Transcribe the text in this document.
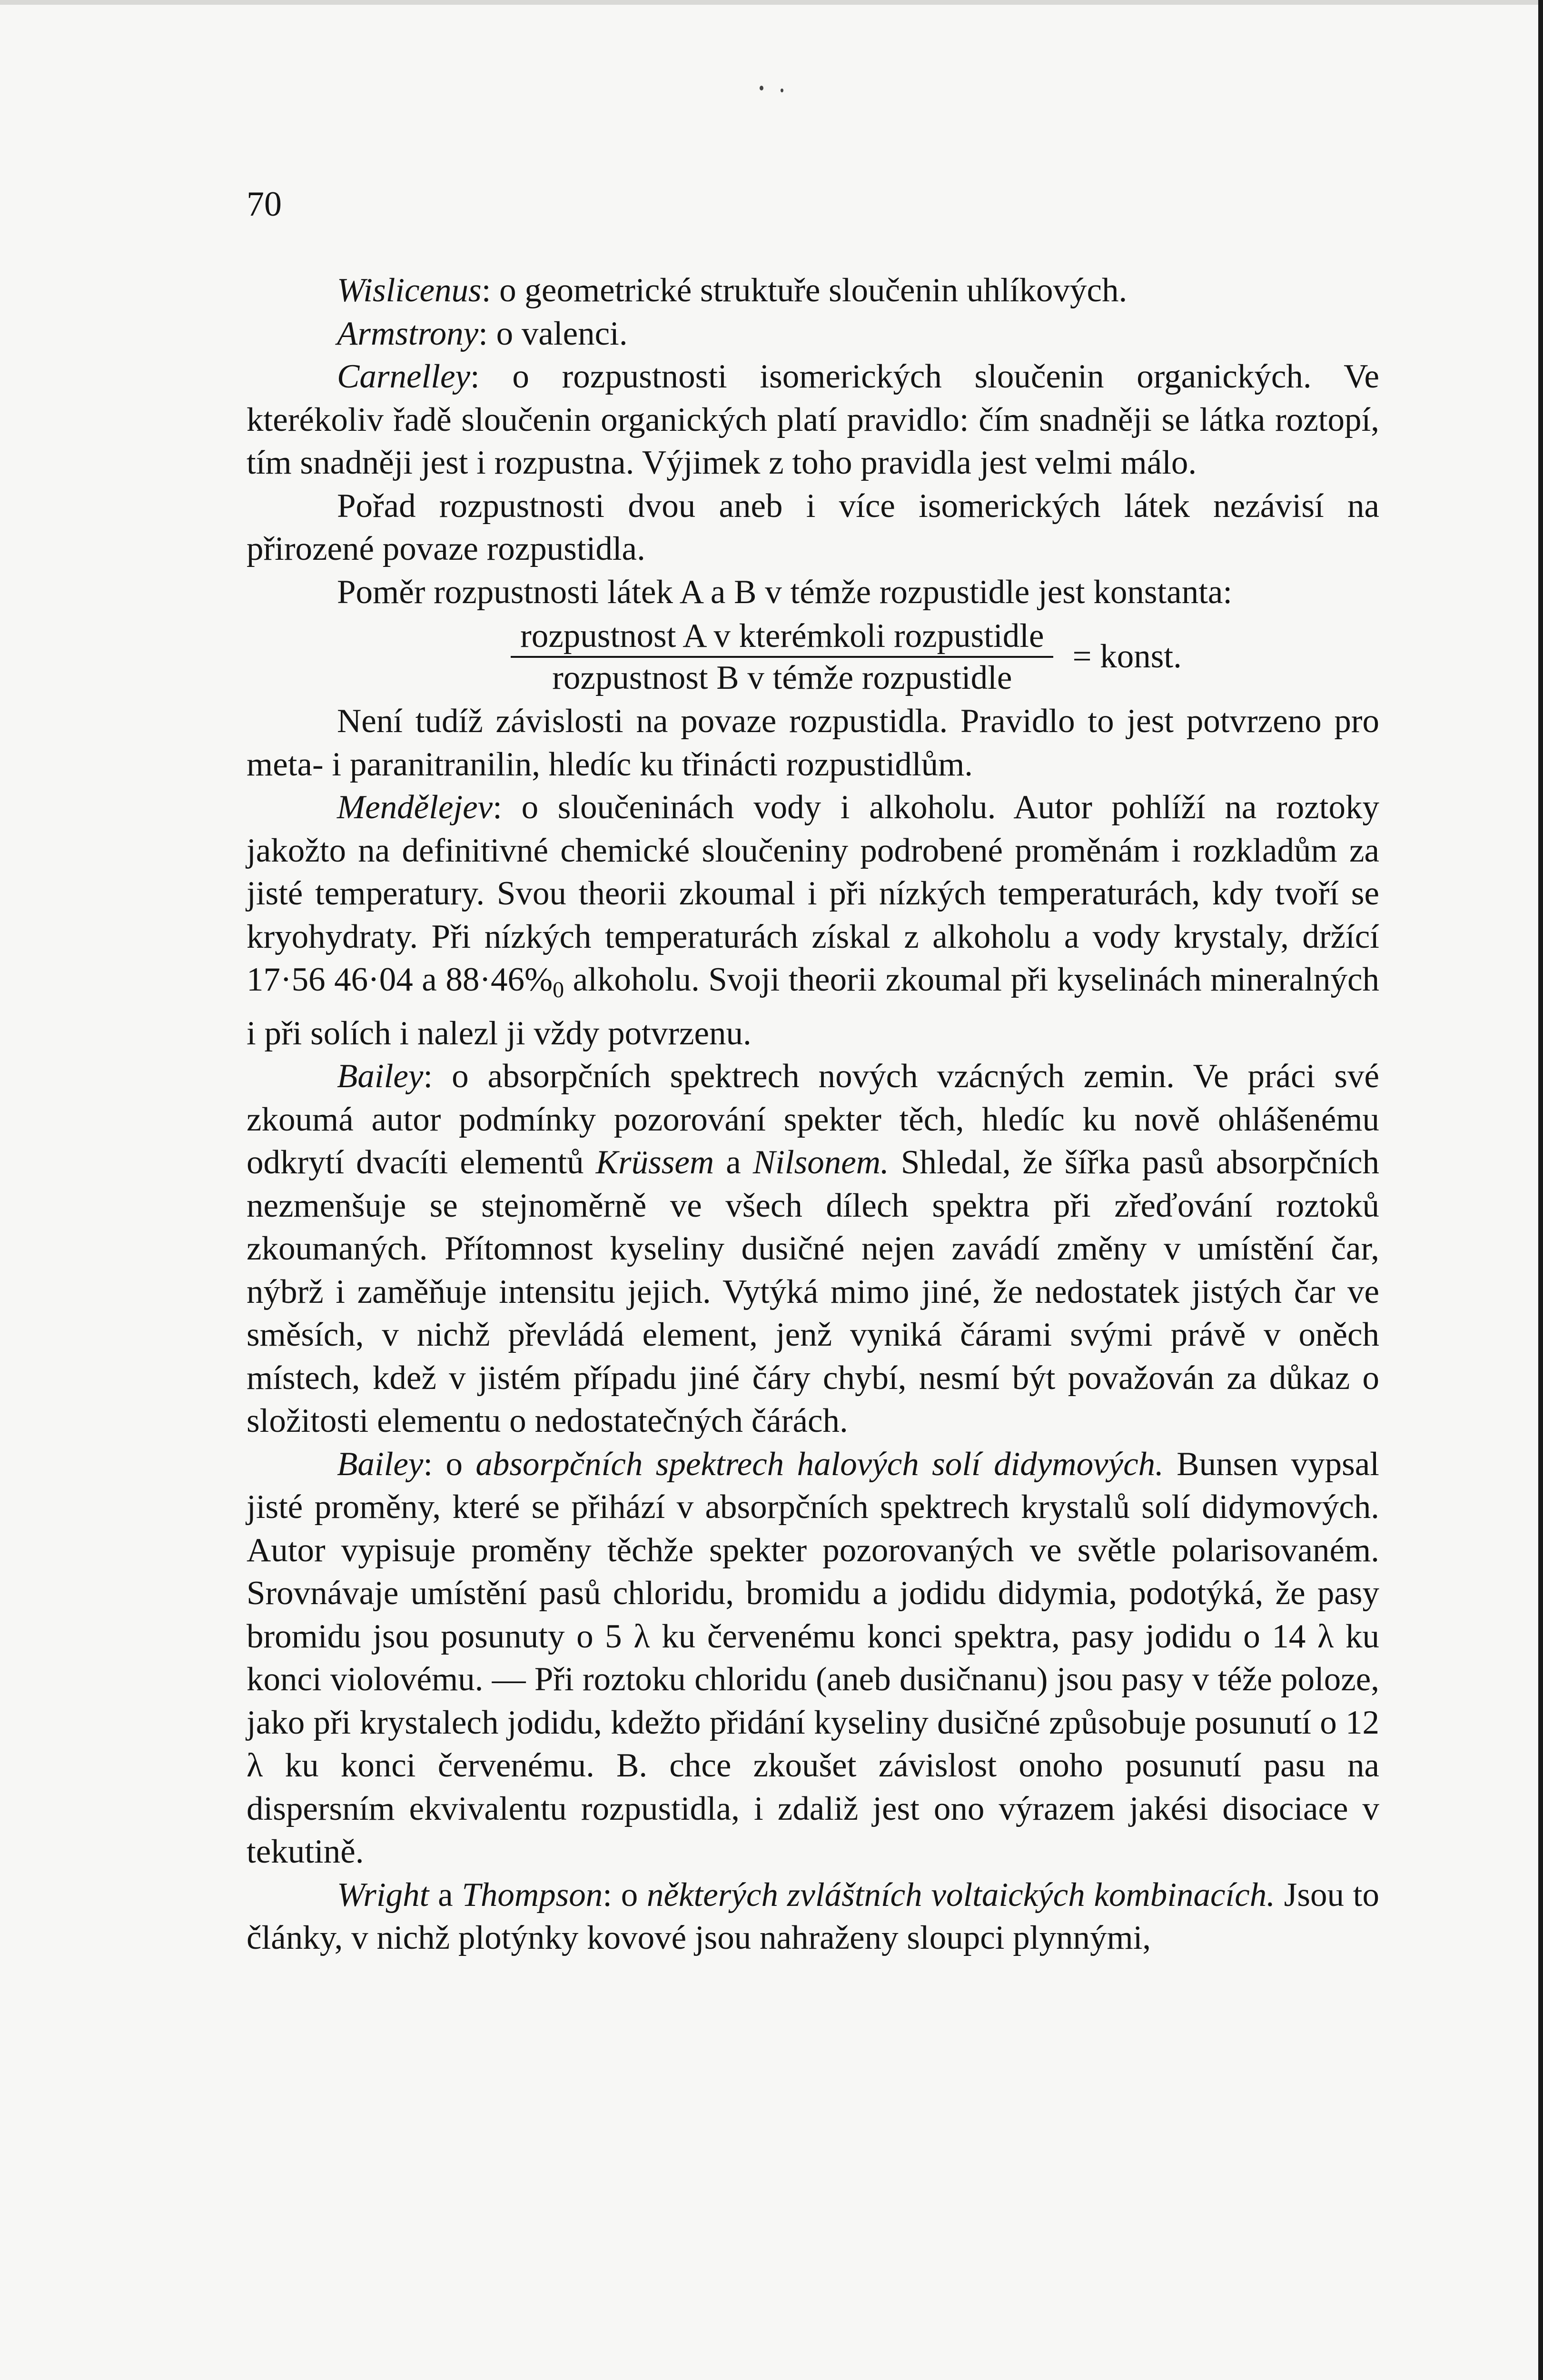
70

Wislicenus: o geometrické struktuře sloučenin uhlíkových.

Armstrony: o valenci.

Carnelley: o rozpustnosti isomerických sloučenin organických. Ve kterékoliv řadě sloučenin organických platí pravidlo: čím snadněji se látka roztopí, tím snadněji jest i rozpustna. Výjimek z toho pravidla jest velmi málo.

Pořad rozpustnosti dvou aneb i více isomerických látek nezávisí na přirozené povaze rozpustidla.

Poměr rozpustnosti látek A a B v témže rozpustidle jest konstanta:

$\frac{\text{rozpustnost A v kterémkoli rozpustidle}}{\text{rozpustnost B v témže rozpustidle}}$ = konst.

Není tudíž závislosti na povaze rozpustidla. Pravidlo to jest potvrzeno pro meta- i paranitranilin, hledíc ku třinácti rozpustidlům.

Mendělejev: o sloučeninách vody i alkoholu. Autor pohlíží na roztoky jakožto na definitivné chemické sloučeniny podrobené proměnám i rozkladům za jisté temperatury. Svou theorii zkoumal i při nízkých temperaturách, kdy tvoří se kryohydraty. Při nízkých temperaturách získal z alkoholu a vody krystaly, držící 17·56 46·04 a $88\cdot 46\%_0$ alkoholu. Svoji theorii zkoumal při kyselinách mineralných i při solích i nalezl ji vždy potvrzenu.

Bailey: o absorpčních spektrech nových vzácných zemin. Ve práci své zkoumá autor podmínky pozorování spekter těch, hledíc ku nově ohlášenému odkrytí dvacíti elementů Krüssem a Nilsonem. Shledal, že šířka pasů absorpčních nezmenšuje se stejnoměrně ve všech dílech spektra při zřeďování roztoků zkoumaných. Přítomnost kyseliny dusičné nejen zavádí změny v umístění čar, nýbrž i zaměňuje intensitu jejich. Vytýká mimo jiné, že nedostatek jistých čar ve směsích, v nichž převládá element, jenž vyniká čárami svými právě v oněch místech, kdež v jistém případu jiné čáry chybí, nesmí být považován za důkaz o složitosti elementu o nedostatečných čárách.

Bailey: o absorpčních spektrech halových solí didymových. Bunsen vypsal jisté proměny, které se přihází v absorpčních spektrech krystalů solí didymových. Autor vypisuje proměny těchže spekter pozorovaných ve světle polarisovaném. Srovnávaje umístění pasů chloridu, bromidu a jodidu didymia, podotýká, že pasy bromidu jsou posunuty o 5 λ ku červenému konci spektra, pasy jodidu o 14 λ ku konci violovému. — Při roztoku chloridu (aneb dusičnanu) jsou pasy v téže poloze, jako při krystalech jodidu, kdežto přidání kyseliny dusičné způsobuje posunutí o 12 λ ku konci červenému. B. chce zkoušet závislost onoho posunutí pasu na dispersním ekvivalentu rozpustidla, i zdaliž jest ono výrazem jakési disociace v tekutině.

Wright a Thompson: o některých zvláštních voltaických kombinacích. Jsou to články, v nichž plotýnky kovové jsou nahraženy sloupci plynnými,
